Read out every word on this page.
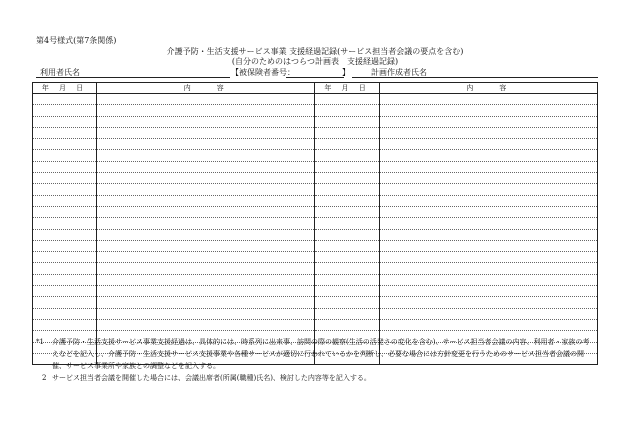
第4号様式(第7条関係)
介護予防・生活支援サービス事業 支援経過記録(サービス担当者会議の要点を含む)
(自分のためのはつらつ計画表　支援経過記録)
利用者氏名	【被保険者番号：	】	計画作成者氏名
年 月 日	内　　容	年 月 日	内　　容

*1	介護予防・生活支援サービス事業支援経過は、具体的には、時系列に出来事、訪問の際の観察(生活の活発さの変化を含む)、サービス担当者会議の内容、利用者・家族の考えなどを記入し、介護予防・生活支援サービス支援事業や各種サービスが適切に行われているかを判断し、必要な場合には方針変更を行うためのサービス担当者会議の開催、サービス事業所や家族との調整などを記入する。
2 サービス担当者会議を開催した場合には、会議出席者(所属(職種)氏名)、検討した内容等を記入する。
